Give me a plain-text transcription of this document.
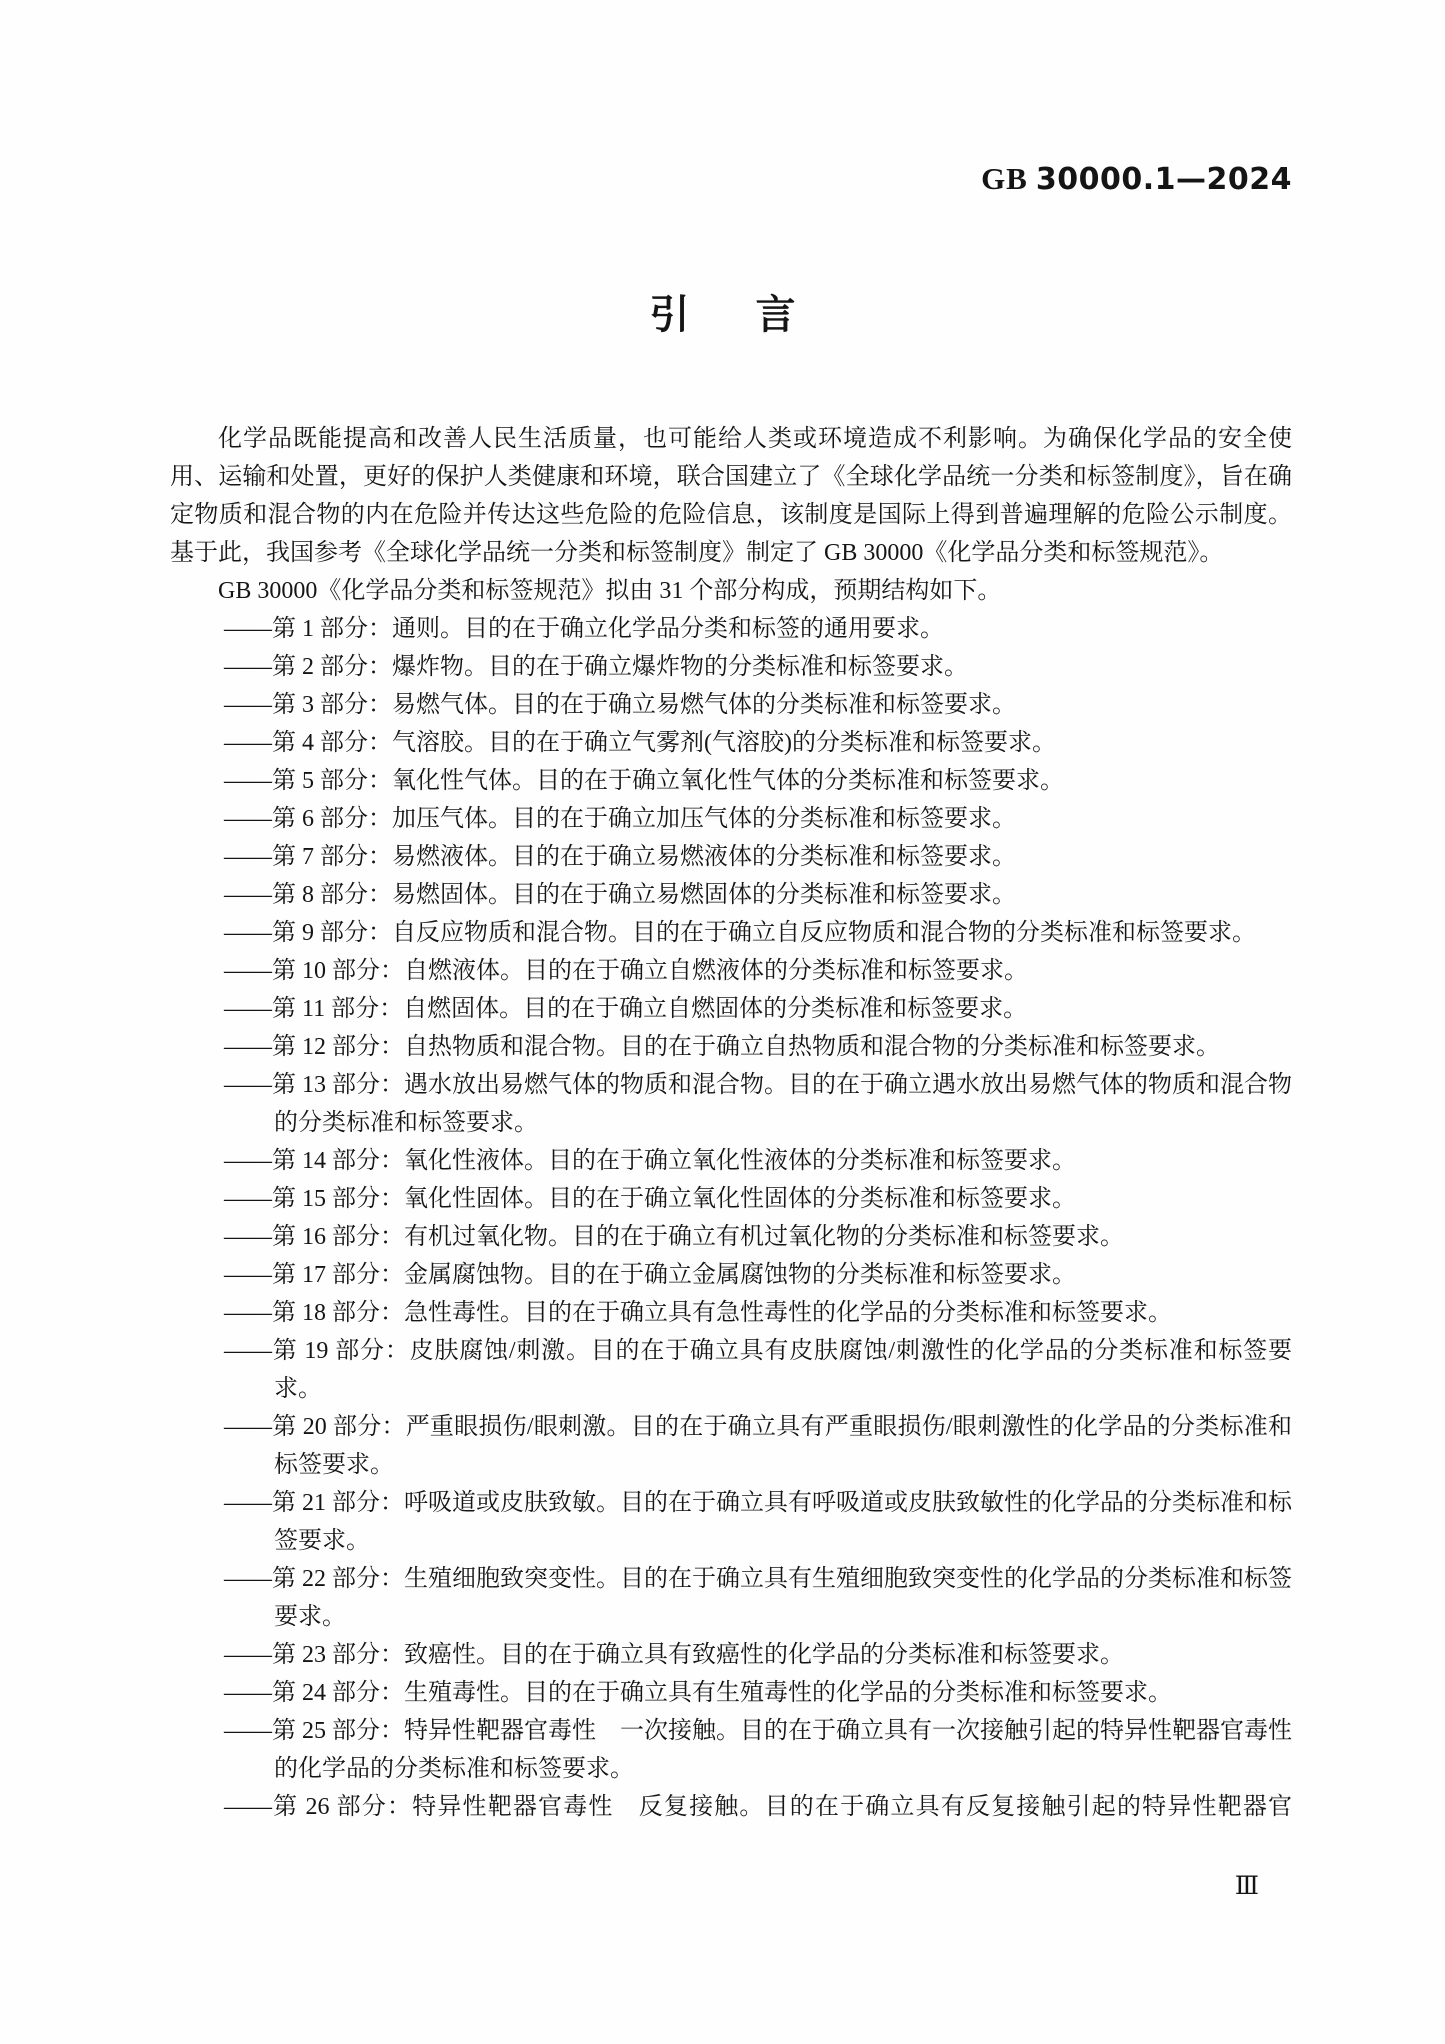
GB 30000.1—2024
引 言

化学品既能提高和改善人民生活质量，也可能给人类或环境造成不利影响。为确保化学品的安全使用、运输和处置，更好的保护人类健康和环境，联合国建立了《全球化学品统一分类和标签制度》，旨在确定物质和混合物的内在危险并传达这些危险的危险信息，该制度是国际上得到普遍理解的危险公示制度。基于此，我国参考《全球化学品统一分类和标签制度》制定了 GB 30000《化学品分类和标签规范》。

GB 30000《化学品分类和标签规范》拟由 31 个部分构成，预期结构如下。

——第 1 部分：通则。目的在于确立化学品分类和标签的通用要求。

——第 2 部分：爆炸物。目的在于确立爆炸物的分类标准和标签要求。

——第 3 部分：易燃气体。目的在于确立易燃气体的分类标准和标签要求。

——第 4 部分：气溶胶。目的在于确立气雾剂(气溶胶)的分类标准和标签要求。

——第 5 部分：氧化性气体。目的在于确立氧化性气体的分类标准和标签要求。

——第 6 部分：加压气体。目的在于确立加压气体的分类标准和标签要求。

——第 7 部分：易燃液体。目的在于确立易燃液体的分类标准和标签要求。

——第 8 部分：易燃固体。目的在于确立易燃固体的分类标准和标签要求。

——第 9 部分：自反应物质和混合物。目的在于确立自反应物质和混合物的分类标准和标签要求。

——第 10 部分：自燃液体。目的在于确立自燃液体的分类标准和标签要求。

——第 11 部分：自燃固体。目的在于确立自燃固体的分类标准和标签要求。

——第 12 部分：自热物质和混合物。目的在于确立自热物质和混合物的分类标准和标签要求。

——第 13 部分：遇水放出易燃气体的物质和混合物。目的在于确立遇水放出易燃气体的物质和混合物的分类标准和标签要求。

——第 14 部分：氧化性液体。目的在于确立氧化性液体的分类标准和标签要求。

——第 15 部分：氧化性固体。目的在于确立氧化性固体的分类标准和标签要求。

——第 16 部分：有机过氧化物。目的在于确立有机过氧化物的分类标准和标签要求。

——第 17 部分：金属腐蚀物。目的在于确立金属腐蚀物的分类标准和标签要求。

——第 18 部分：急性毒性。目的在于确立具有急性毒性的化学品的分类标准和标签要求。

——第 19 部分：皮肤腐蚀/刺激。目的在于确立具有皮肤腐蚀/刺激性的化学品的分类标准和标签要求。

——第 20 部分：严重眼损伤/眼刺激。目的在于确立具有严重眼损伤/眼刺激性的化学品的分类标准和标签要求。

——第 21 部分：呼吸道或皮肤致敏。目的在于确立具有呼吸道或皮肤致敏性的化学品的分类标准和标签要求。

——第 22 部分：生殖细胞致突变性。目的在于确立具有生殖细胞致突变性的化学品的分类标准和标签要求。

——第 23 部分：致癌性。目的在于确立具有致癌性的化学品的分类标准和标签要求。

——第 24 部分：生殖毒性。目的在于确立具有生殖毒性的化学品的分类标准和标签要求。

——第 25 部分：特异性靶器官毒性　一次接触。目的在于确立具有一次接触引起的特异性靶器官毒性的化学品的分类标准和标签要求。

——第 26 部分：特异性靶器官毒性　反复接触。目的在于确立具有反复接触引起的特异性靶器官

Ⅲ
